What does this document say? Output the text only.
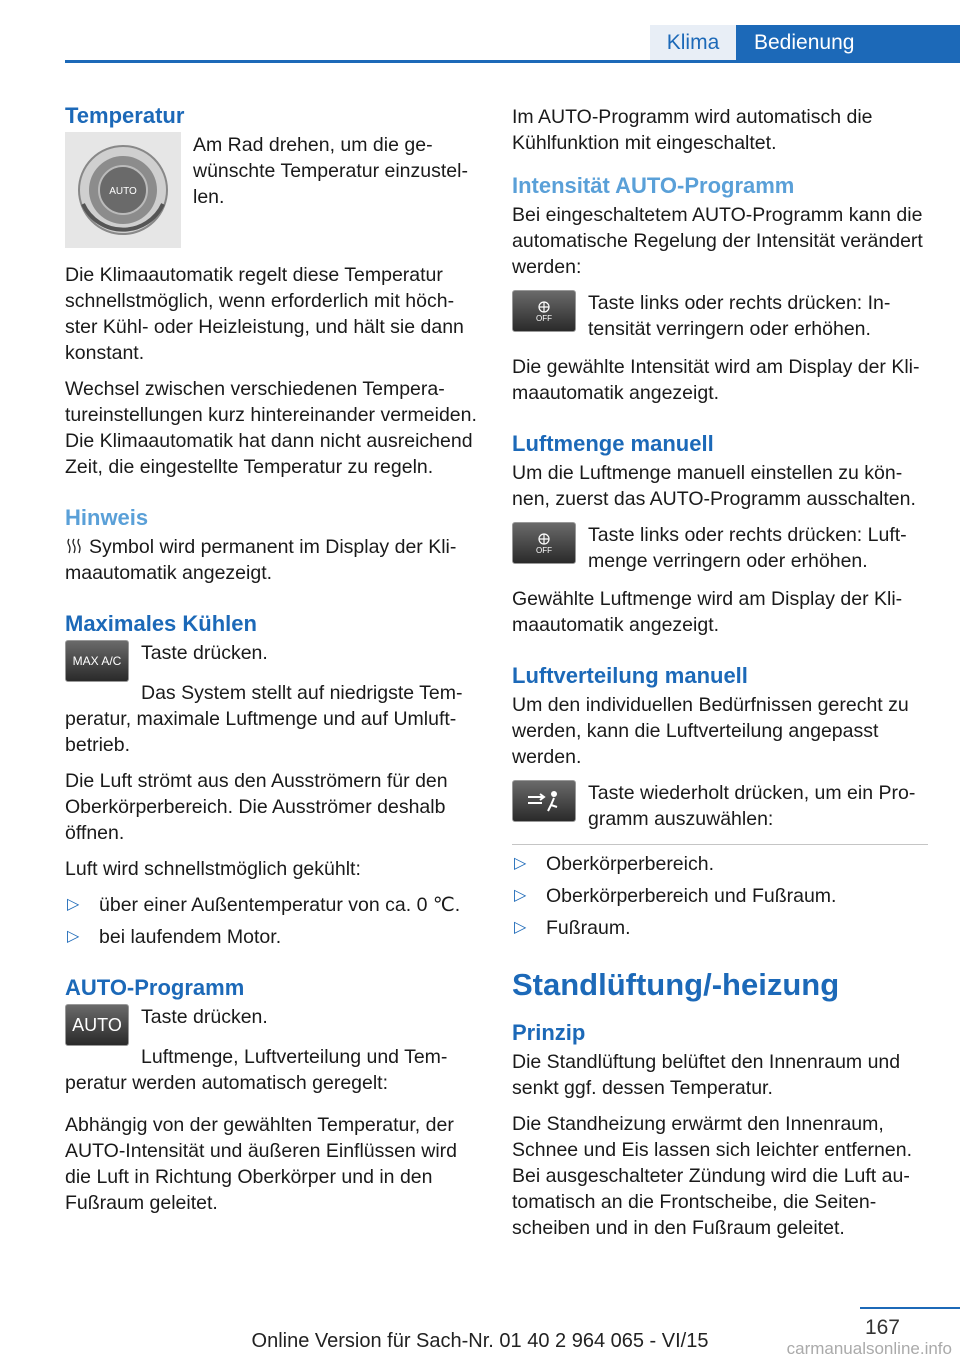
Klima	Bedienung
Temperatur
AUTO

Am Rad drehen, um die gewünschte Temperatur einzustellen.

Die Klimaautomatik regelt diese Temperatur schnellstmöglich, wenn erforderlich mit höchster Kühl- oder Heizleistung, und hält sie dann konstant.

Wechsel zwischen verschiedenen Temperatureinstellungen kurz hintereinander vermeiden. Die Klimaautomatik hat dann nicht ausreichend Zeit, die eingestellte Temperatur zu regeln.

Hinweis

Symbol wird permanent im Display der Klimaautomatik angezeigt.

Maximales Kühlen
MAX A/C	Taste drücken.

Das System stellt auf niedrigste Temperatur, maximale Luftmenge und auf Umluftbetrieb.

Die Luft strömt aus den Ausströmern für den Oberkörperbereich. Die Ausströmer deshalb öffnen.

Luft wird schnellstmöglich gekühlt:

▷ über einer Außentemperatur von ca. 0 ℃.
▷ bei laufendem Motor.
AUTO-Programm
AUTO Taste drücken.

Luftmenge, Luftverteilung und Temperatur werden automatisch geregelt:

Abhängig von der gewählten Temperatur, der AUTO-Intensität und äußeren Einflüssen wird die Luft in Richtung Oberkörper und in den Fußraum geleitet.

Im AUTO-Programm wird automatisch die Kühlfunktion mit eingeschaltet.

Intensität AUTO-Programm

Bei eingeschaltetem AUTO-Programm kann die automatische Regelung der Intensität verändert werden:

OFF

Taste links oder rechts drücken: Intensität verringern oder erhöhen.

Die gewählte Intensität wird am Display der Klimaautomatik angezeigt.

Luftmenge manuell

Um die Luftmenge manuell einstellen zu können, zuerst das AUTO-Programm ausschalten.

OFF

Taste links oder rechts drücken: Luftmenge verringern oder erhöhen.

Gewählte Luftmenge wird am Display der Klimaautomatik angezeigt.

Luftverteilung manuell

Um den individuellen Bedürfnissen gerecht zu werden, kann die Luftverteilung angepasst werden.

Taste wiederholt drücken, um ein Programm auszuwählen:

▷ Oberkörperbereich.
▷ Oberkörperbereich und Fußraum.
▷ Fußraum.
Standlüftung/-heizung
Prinzip

Die Standlüftung belüftet den Innenraum und senkt ggf. dessen Temperatur.

Die Standheizung erwärmt den Innenraum, Schnee und Eis lassen sich leichter entfernen. Bei ausgeschalteter Zündung wird die Luft automatisch an die Frontscheibe, die Seitenscheiben und in den Fußraum geleitet.

167
Online Version für Sach-Nr. 01 40 2 964 065 - VI/15	carmanualsonline.info
